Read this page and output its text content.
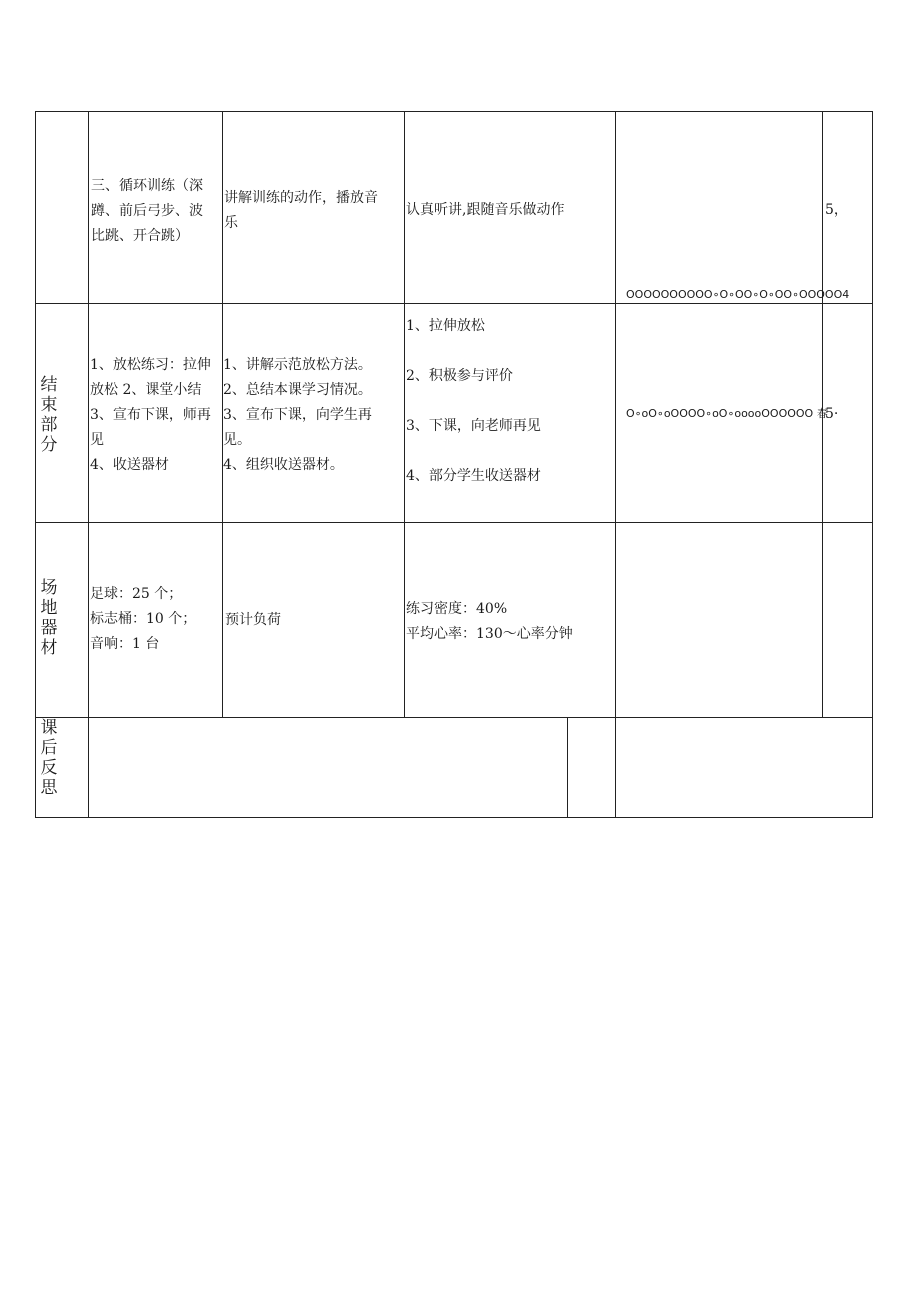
三、循环训练（深
蹲、前后弓步、波
比跳、开合跳）
讲解训练的动作，播放音
乐
认真听讲,跟随音乐做动作
OOOOOOOOOO∘O∘OO∘O∘OO∘OOOOO4
5，
结
束
部
分
1、放松练习：拉伸
放松 2、课堂小结
3、宣布下课，师再
见
4、收送器材
1、讲解示范放松方法。
2、总结本课学习情况。
3、宣布下课，向学生再
见。
4、组织收送器材。
1、拉伸放松

2、积极参与评价

3、下课，向老师再见

4、部分学生收送器材
O∘oO∘oOOOO∘oO∘ooooOOOOOO 春
5·
场
地
器
材
足球：25 个；
标志桶：10 个；
音响：1 台
预计负荷
练习密度：40%
平均心率：130～心率分钟
课
后
反
思
